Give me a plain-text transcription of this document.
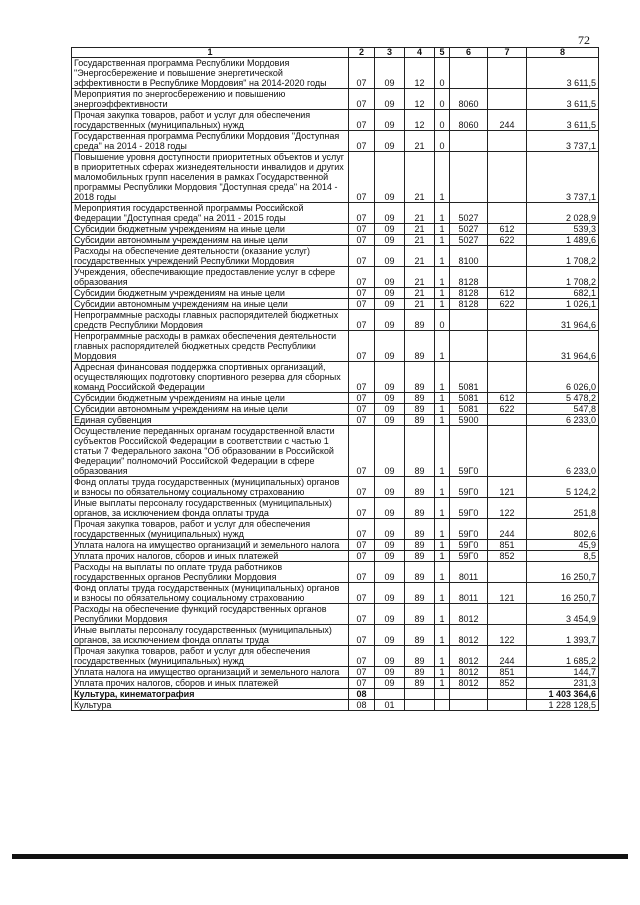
72
1	2	3	4	5	6	7	8
Государственная программа Республики Мордовия "Энергосбережение и повышение энергетической эффективности в Республике Мордовия" на 2014-2020 годы	07	09	12	0			3 611,5
Мероприятия по энергосбережению и повышению энергоэффективности	07	09	12	0	8060		3 611,5
Прочая закупка товаров, работ и услуг для обеспечения государственных (муниципальных) нужд	07	09	12	0	8060	244	3 611,5
Государственная программа Республики Мордовия "Доступная среда" на 2014 - 2018 годы	07	09	21	0			3 737,1
Повышение уровня доступности приоритетных объектов и услуг в приоритетных сферах жизнедеятельности инвалидов и других маломобильных групп населения в рамках Государственной программы Республики Мордовия "Доступная среда" на 2014 - 2018 годы	07	09	21	1			3 737,1
Мероприятия государственной программы Российской Федерации "Доступная среда" на 2011 - 2015 годы	07	09	21	1	5027		2 028,9
Субсидии бюджетным учреждениям на иные цели	07	09	21	1	5027	612	539,3
Субсидии автономным учреждениям на иные цели	07	09	21	1	5027	622	1 489,6
Расходы на обеспечение деятельности (оказание услуг) государственных учреждений Республики Мордовия	07	09	21	1	8100		1 708,2
Учреждения, обеспечивающие предоставление услуг в сфере образования	07	09	21	1	8128		1 708,2
Субсидии бюджетным учреждениям на иные цели	07	09	21	1	8128	612	682,1
Субсидии автономным учреждениям на иные цели	07	09	21	1	8128	622	1 026,1
Непрограммные расходы главных распорядителей бюджетных средств Республики Мордовия	07	09	89	0			31 964,6
Непрограммные расходы в рамках обеспечения деятельности главных распорядителей бюджетных средств Республики Мордовия	07	09	89	1			31 964,6
Адресная финансовая поддержка спортивных организаций, осуществляющих подготовку спортивного резерва для сборных команд Российской Федерации	07	09	89	1	5081		6 026,0
Субсидии бюджетным учреждениям на иные цели	07	09	89	1	5081	612	5 478,2
Субсидии автономным учреждениям на иные цели	07	09	89	1	5081	622	547,8
Единая субвенция	07	09	89	1	5900		6 233,0
Осуществление переданных органам государственной власти субъектов Российской Федерации в соответствии с частью 1 статьи 7 Федерального закона "Об образовании в Российской Федерации" полномочий Российской Федерации в сфере образования	07	09	89	1	59Г0		6 233,0
Фонд оплаты труда государственных (муниципальных) органов и взносы по обязательному социальному страхованию	07	09	89	1	59Г0	121	5 124,2
Иные выплаты персоналу государственных (муниципальных) органов, за исключением фонда оплаты труда	07	09	89	1	59Г0	122	251,8
Прочая закупка товаров, работ и услуг для обеспечения государственных (муниципальных) нужд	07	09	89	1	59Г0	244	802,6
Уплата налога на имущество организаций и земельного налога	07	09	89	1	59Г0	851	45,9
Уплата прочих налогов, сборов и иных платежей	07	09	89	1	59Г0	852	8,5
Расходы на выплаты по оплате труда работников государственных органов Республики Мордовия	07	09	89	1	8011		16 250,7
Фонд оплаты труда государственных (муниципальных) органов и взносы по обязательному социальному страхованию	07	09	89	1	8011	121	16 250,7
Расходы на обеспечение функций государственных органов Республики Мордовия	07	09	89	1	8012		3 454,9
Иные выплаты персоналу государственных (муниципальных) органов, за исключением фонда оплаты труда	07	09	89	1	8012	122	1 393,7
Прочая закупка товаров, работ и услуг для обеспечения государственных (муниципальных) нужд	07	09	89	1	8012	244	1 685,2
Уплата налога на имущество организаций и земельного налога	07	09	89	1	8012	851	144,7
Уплата прочих налогов, сборов и иных платежей	07	09	89	1	8012	852	231,3
Культура, кинематография	08						1 403 364,6
Культура	08	01					1 228 128,5
